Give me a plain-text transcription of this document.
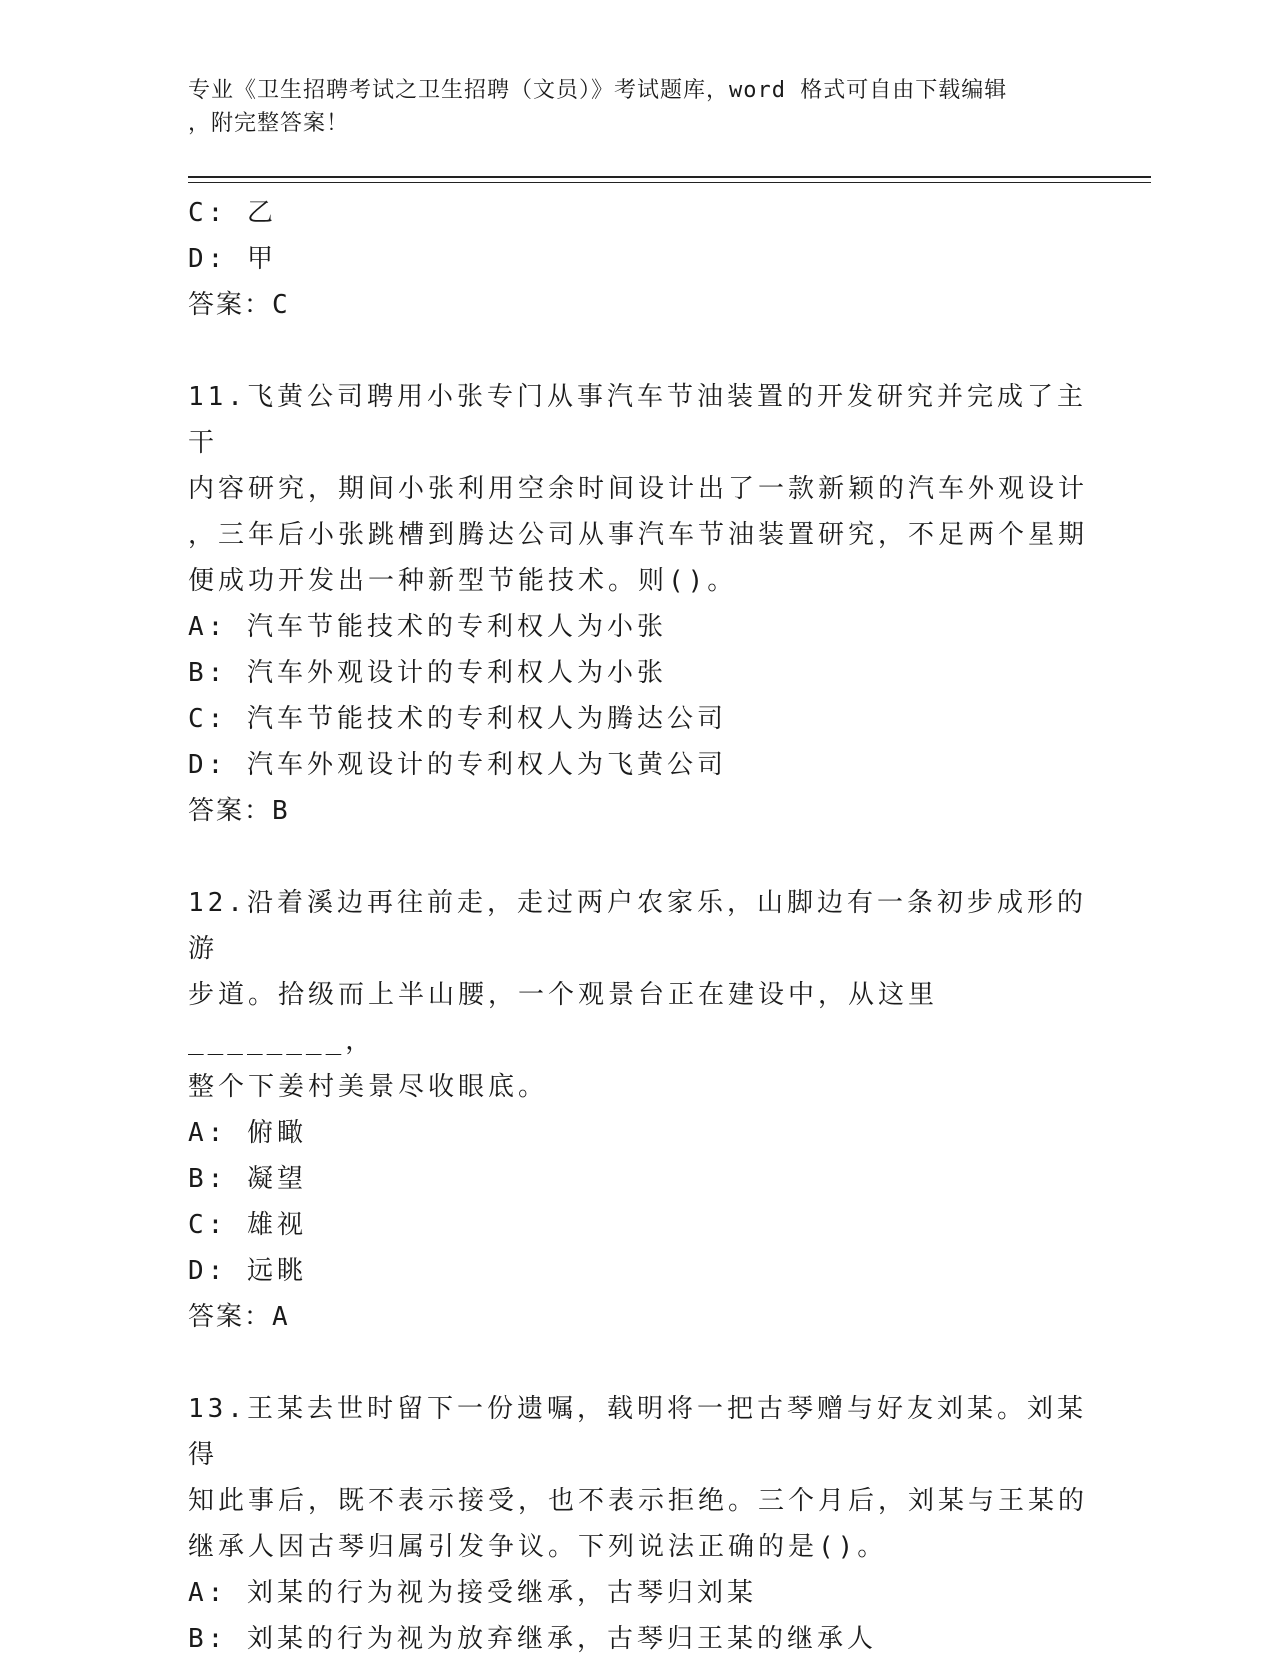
专业《卫生招聘考试之卫生招聘（文员）》考试题库，word 格式可自由下载编辑
，附完整答案！
C: 乙
D: 甲
答案：C
11.飞黄公司聘用小张专门从事汽车节油装置的开发研究并完成了主干
内容研究，期间小张利用空余时间设计出了一款新颖的汽车外观设计
，三年后小张跳槽到腾达公司从事汽车节油装置研究，不足两个星期
便成功开发出一种新型节能技术。则()。
A: 汽车节能技术的专利权人为小张
B: 汽车外观设计的专利权人为小张
C: 汽车节能技术的专利权人为腾达公司
D: 汽车外观设计的专利权人为飞黄公司
答案：B
12.沿着溪边再往前走，走过两户农家乐，山脚边有一条初步成形的游
步道。拾级而上半山腰，一个观景台正在建设中，从这里________，
整个下姜村美景尽收眼底。
A: 俯瞰
B: 凝望
C: 雄视
D: 远眺
答案：A
13.王某去世时留下一份遗嘱，载明将一把古琴赠与好友刘某。刘某得
知此事后，既不表示接受，也不表示拒绝。三个月后，刘某与王某的
继承人因古琴归属引发争议。下列说法正确的是()。
A: 刘某的行为视为接受继承，古琴归刘某
B: 刘某的行为视为放弃继承，古琴归王某的继承人
